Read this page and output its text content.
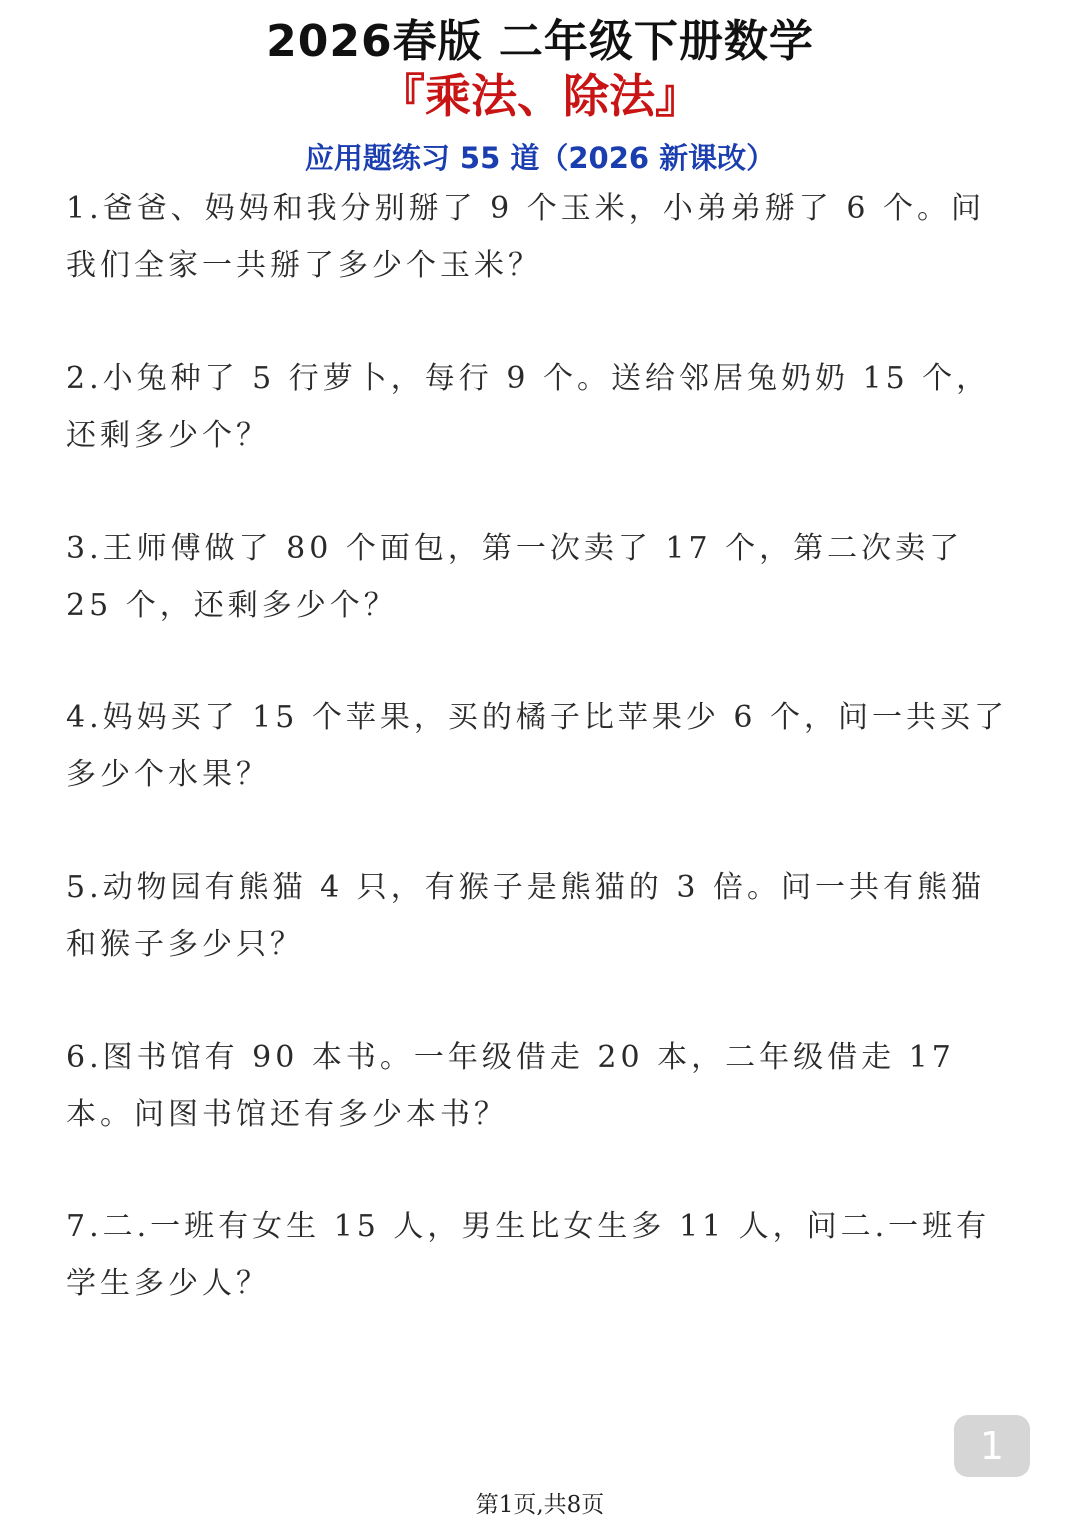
2026春版 二年级下册数学
『乘法、除法』
应用题练习 55 道（2026 新课改）
1.爸爸、妈妈和我分别掰了 9 个玉米，小弟弟掰了 6 个。问我们全家一共掰了多少个玉米？
2.小兔种了 5 行萝卜，每行 9 个。送给邻居兔奶奶 15 个，还剩多少个？
3.王师傅做了 80 个面包，第一次卖了 17 个，第二次卖了 25 个，还剩多少个？
4.妈妈买了 15 个苹果，买的橘子比苹果少 6 个，问一共买了多少个水果？
5.动物园有熊猫 4 只，有猴子是熊猫的 3 倍。问一共有熊猫和猴子多少只？
6.图书馆有 90 本书。一年级借走 20 本，二年级借走 17 本。问图书馆还有多少本书？
7.二.一班有女生 15 人，男生比女生多 11 人，问二.一班有学生多少人？
1
第1页,共8页
